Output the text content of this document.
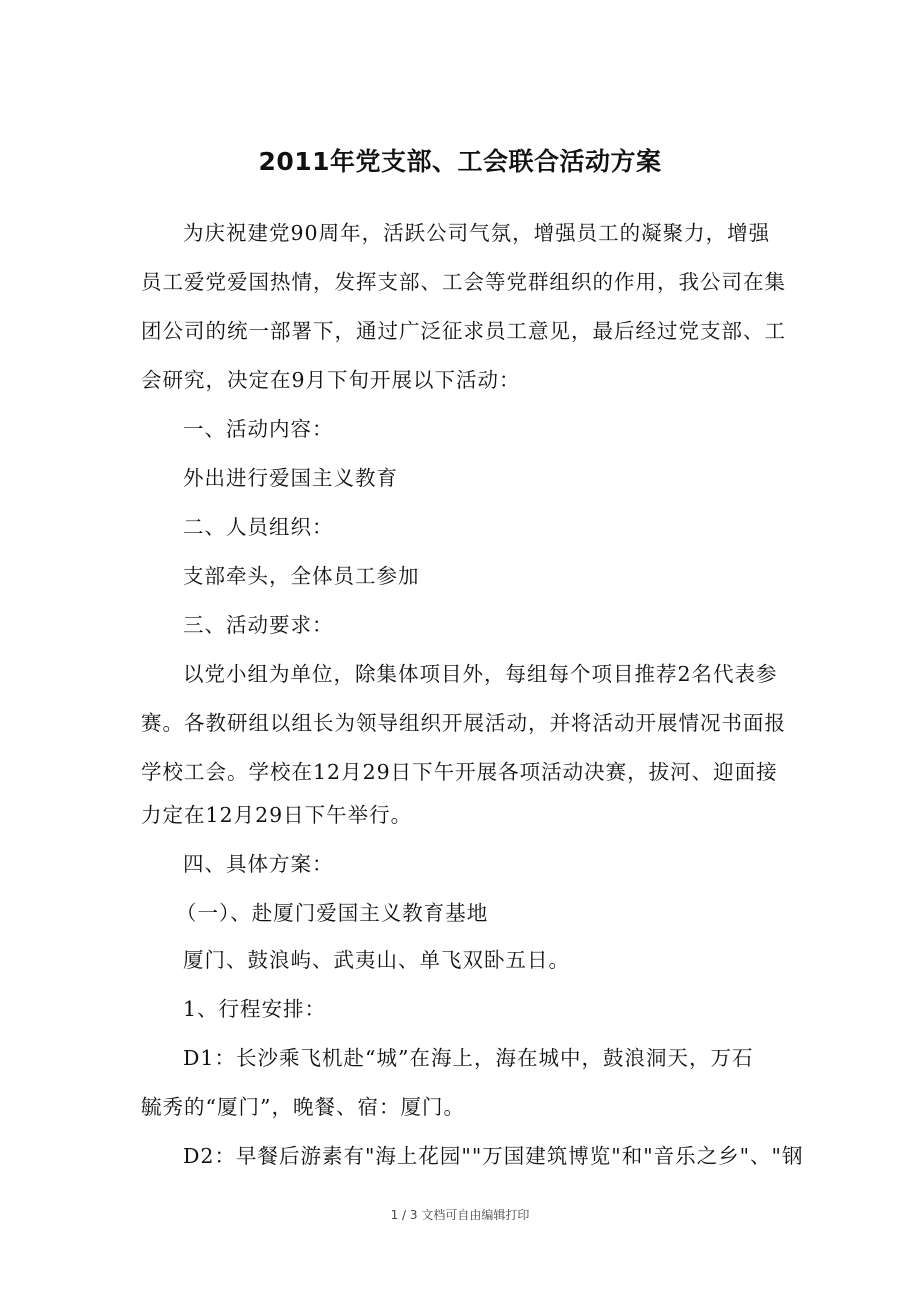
2011年党支部、工会联合活动方案
为庆祝建党90周年，活跃公司气氛，增强员工的凝聚力，增强
员工爱党爱国热情，发挥支部、工会等党群组织的作用，我公司在集
团公司的统一部署下，通过广泛征求员工意见，最后经过党支部、工
会研究，决定在9月下旬开展以下活动：
一、活动内容：
外出进行爱国主义教育
二、人员组织：
支部牵头，全体员工参加
三、活动要求：
以党小组为单位，除集体项目外，每组每个项目推荐2名代表参
赛。各教研组以组长为领导组织开展活动，并将活动开展情况书面报
学校工会。学校在12月29日下午开展各项活动决赛，拔河、迎面接
力定在12月29日下午举行。
四、具体方案：
（一）、赴厦门爱国主义教育基地
厦门、鼓浪屿、武夷山、单飞双卧五日。
1、行程安排：
D1：长沙乘飞机赴“城”在海上，海在城中，鼓浪洞天，万石
毓秀的“厦门”，晚餐、宿：厦门。
D2：早餐后游素有"海上花园""万国建筑博览"和"音乐之乡"、"钢
1 / 3 文档可自由编辑打印
